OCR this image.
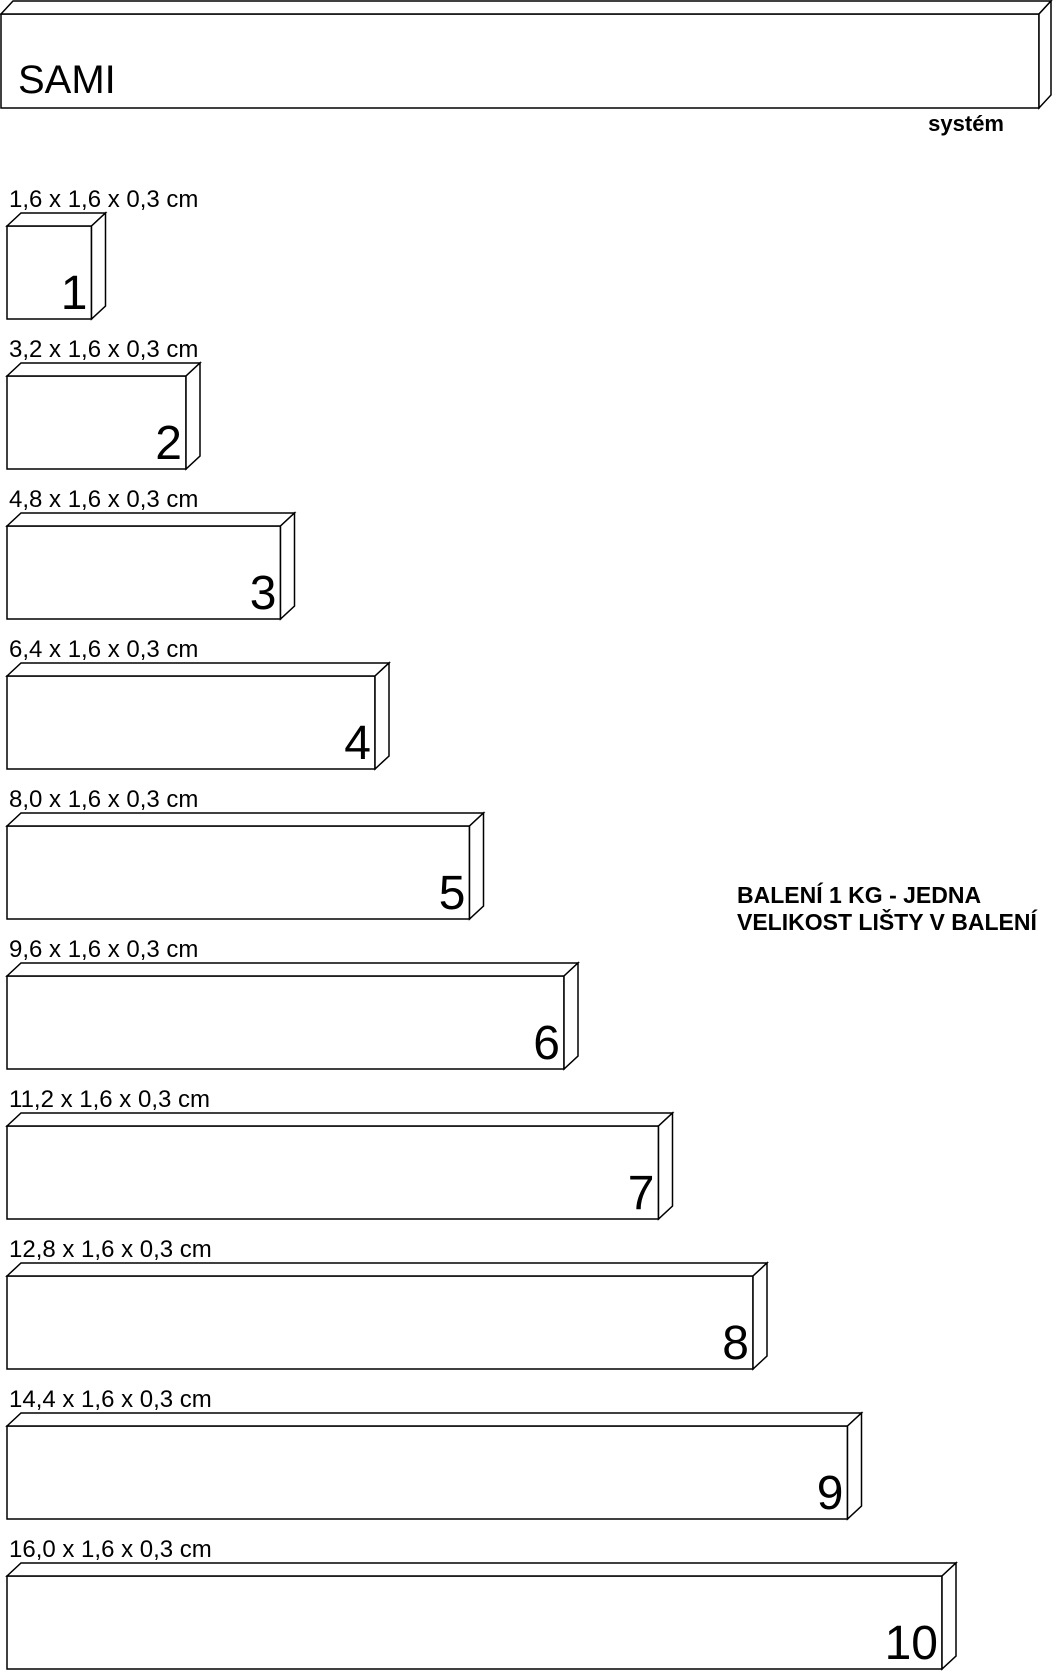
SAMI
systém
BALENÍ 1 KG - JEDNA
VELIKOST LIŠTY V BALENÍ
1,6 x 1,6 x 0,3 cm
1
3,2 x 1,6 x 0,3 cm
2
4,8 x 1,6 x 0,3 cm
3
6,4 x 1,6 x 0,3 cm
4
8,0 x 1,6 x 0,3 cm
5
9,6 x 1,6 x 0,3 cm
6
11,2 x 1,6 x 0,3 cm
7
12,8 x 1,6 x 0,3 cm
8
14,4 x 1,6 x 0,3 cm
9
16,0 x 1,6 x 0,3 cm
10
